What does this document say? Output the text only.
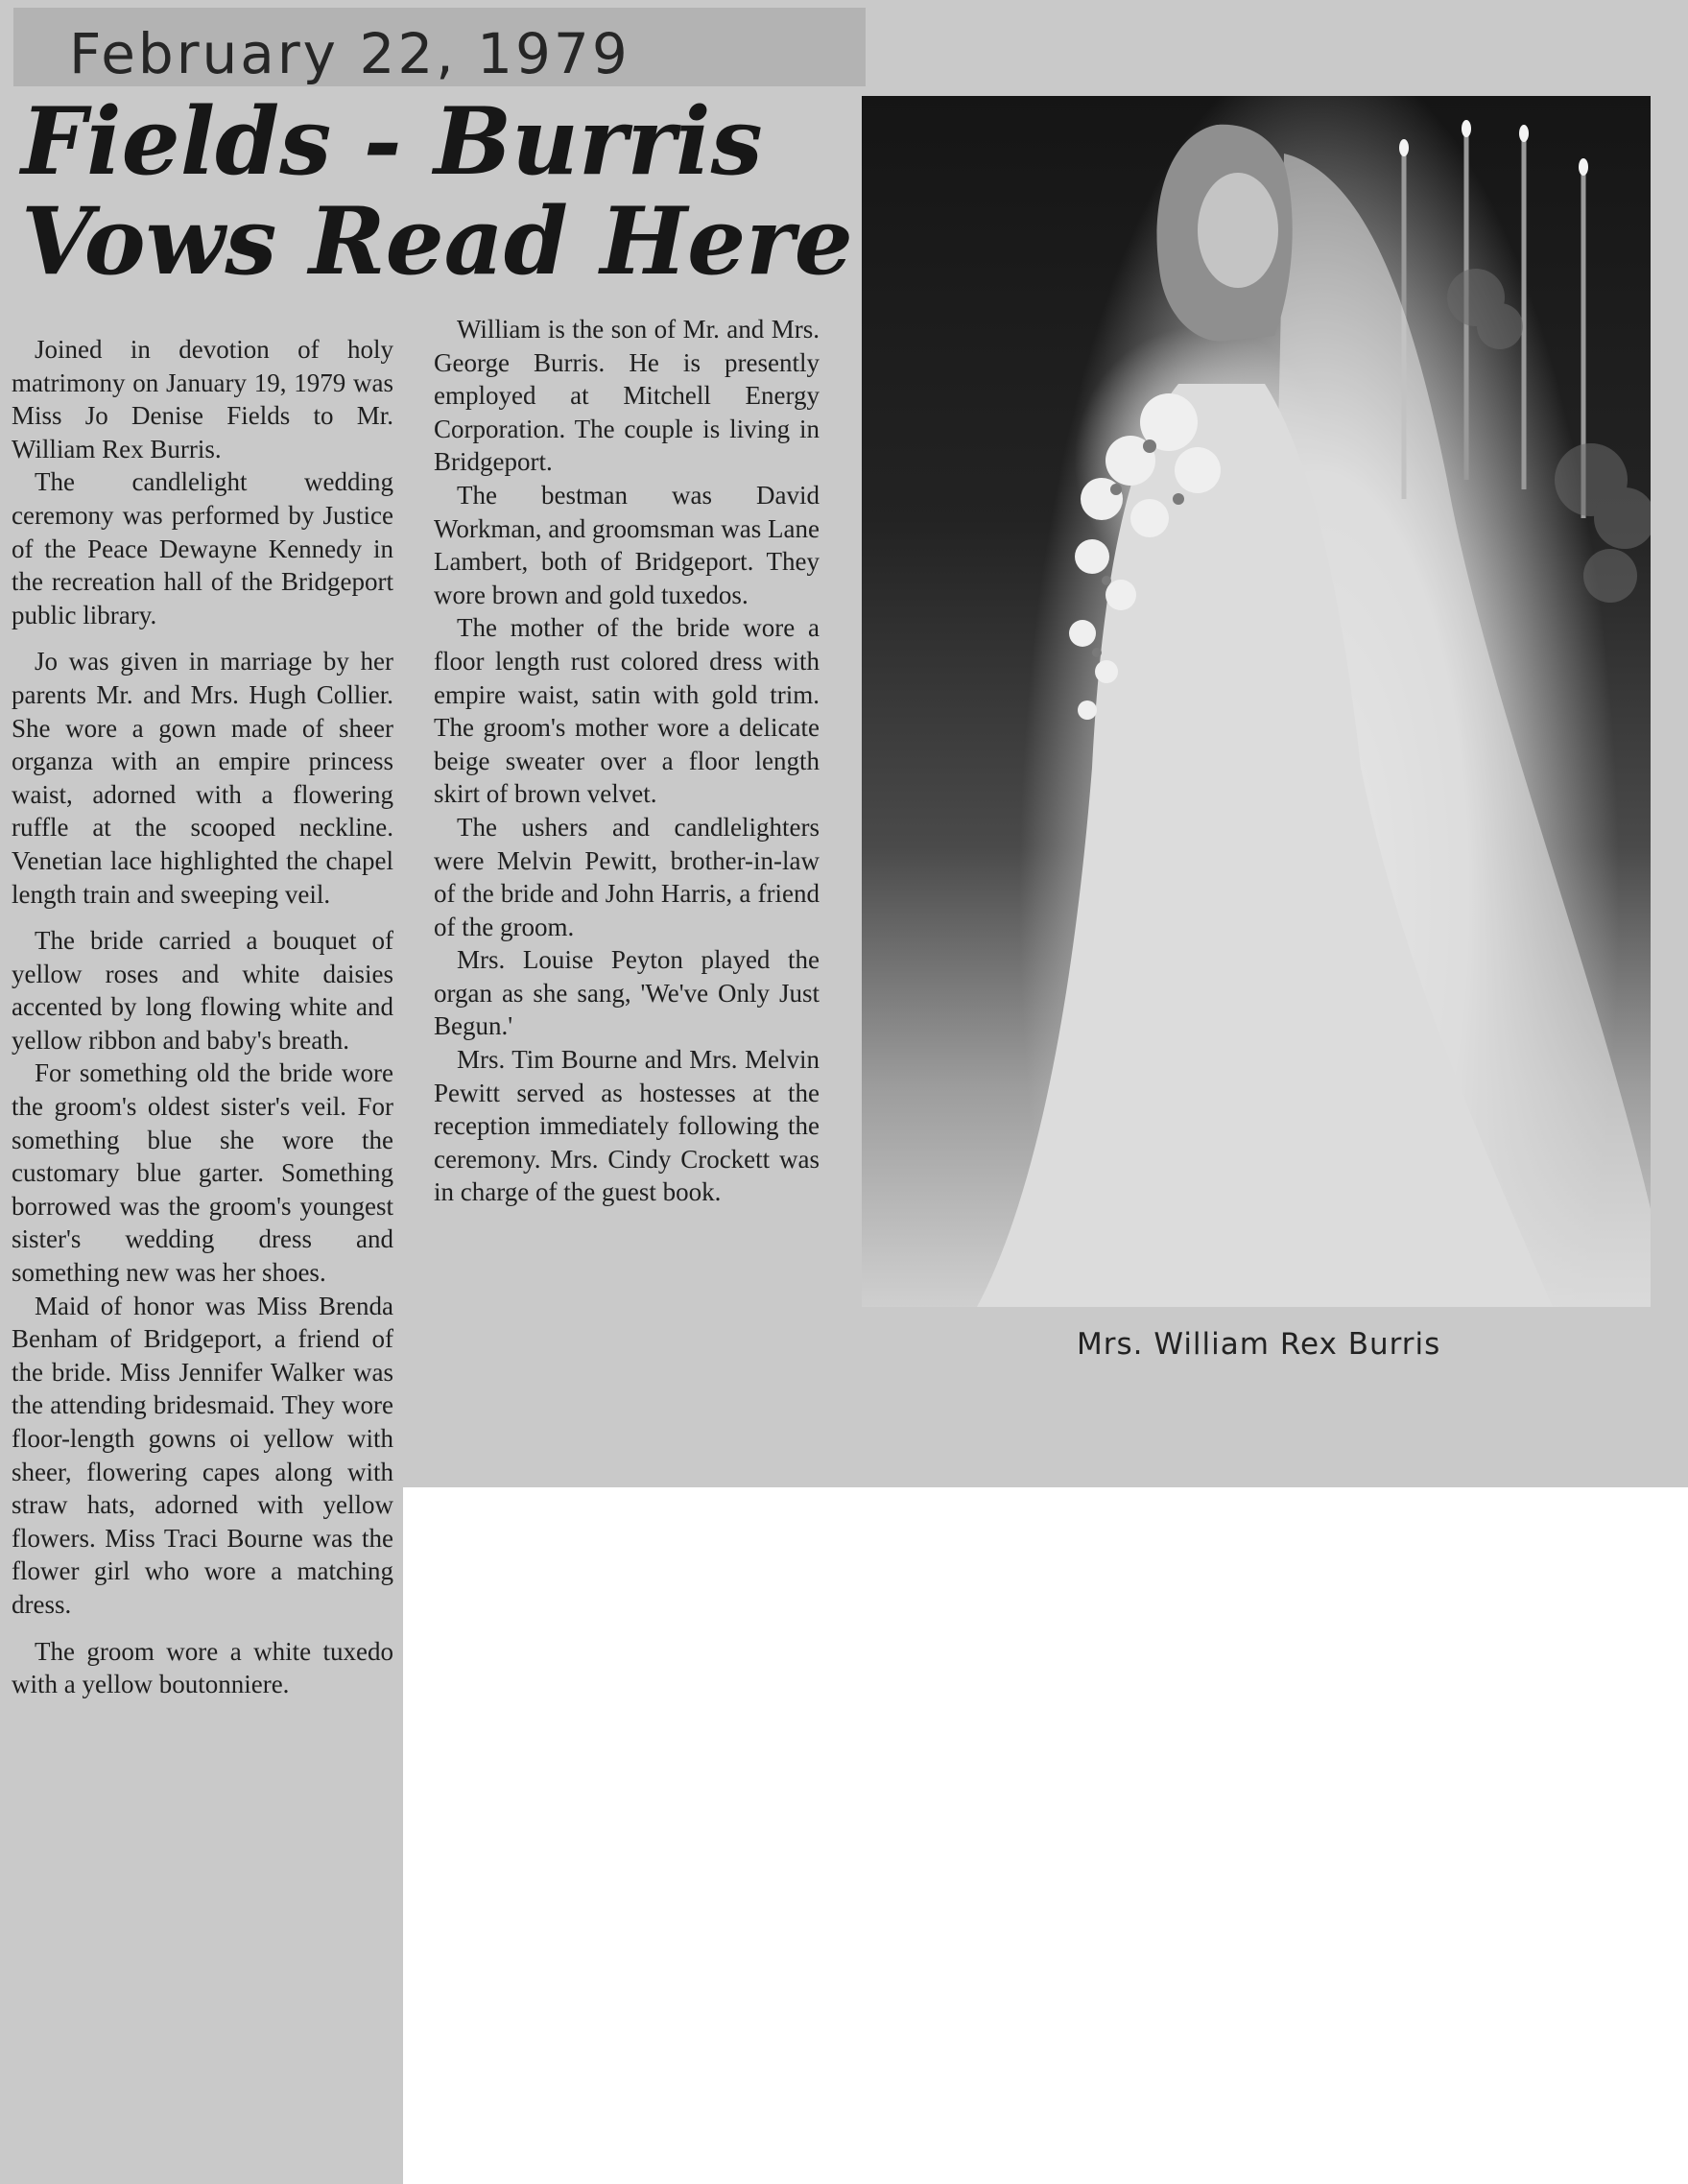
February 22, 1979
Fields - Burris
Vows Read Here

Joined in devotion of holy matrimony on January 19, 1979 was Miss Jo Denise Fields to Mr. William Rex Burris.

The candlelight wedding ceremony was performed by Justice of the Peace Dewayne Kennedy in the recreation hall of the Bridgeport public library.

Jo was given in marriage by her parents Mr. and Mrs. Hugh Collier. She wore a gown made of sheer organza with an empire princess waist, adorned with a flowering ruffle at the scooped neckline. Venetian lace highlighted the chapel length train and sweeping veil.

The bride carried a bouquet of yellow roses and white daisies accented by long flowing white and yellow ribbon and baby's breath.

For something old the bride wore the groom's oldest sister's veil. For something blue she wore the customary blue garter. Something borrowed was the groom's youngest sister's wedding dress and something new was her shoes.

Maid of honor was Miss Brenda Benham of Bridgeport, a friend of the bride. Miss Jennifer Walker was the attending bridesmaid. They wore floor-length gowns oi yellow with sheer, flowering capes along with straw hats, adorned with yellow flowers. Miss Traci Bourne was the flower girl who wore a matching dress.

The groom wore a white tuxedo with a yellow boutonniere.

William is the son of Mr. and Mrs. George Burris. He is presently employed at Mitchell Energy Corporation. The couple is living in Bridgeport.

The bestman was David Workman, and groomsman was Lane Lambert, both of Bridgeport. They wore brown and gold tuxedos.

The mother of the bride wore a floor length rust colored dress with empire waist, satin with gold trim. The groom's mother wore a delicate beige sweater over a floor length skirt of brown velvet.

The ushers and candlelighters were Melvin Pewitt, brother-in-law of the bride and John Harris, a friend of the groom.

Mrs. Louise Peyton played the organ as she sang, 'We've Only Just Begun.'

Mrs. Tim Bourne and Mrs. Melvin Pewitt served as hostesses at the reception immediately following the ceremony. Mrs. Cindy Crockett was in charge of the guest book.

Mrs. William Rex Burris
